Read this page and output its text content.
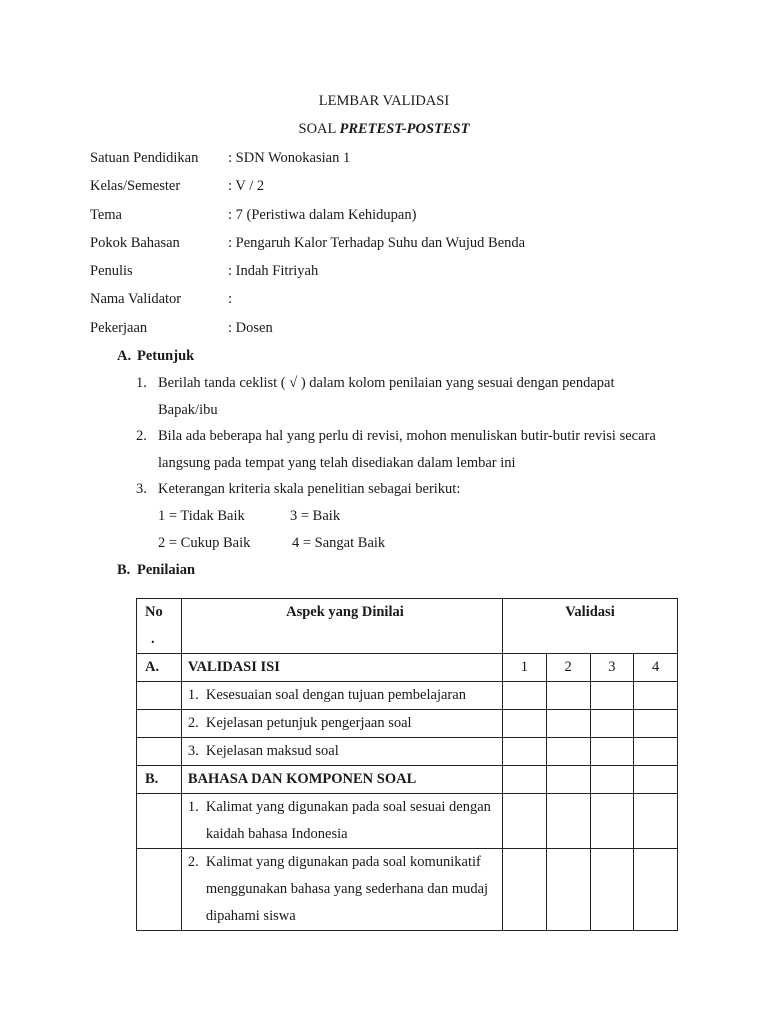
LEMBAR VALIDASI
SOAL PRETEST-POSTEST
Satuan Pendidikan : SDN Wonokasian 1
Kelas/Semester	: V / 2
Tema	: 7 (Peristiwa dalam Kehidupan)
Pokok Bahasan	: Pengaruh Kalor Terhadap Suhu dan Wujud Benda
Penulis	: Indah Fitriyah
Nama Validator	:
Pekerjaan	: Dosen
A. Petunjuk
1. Berilah tanda ceklist ( √ ) dalam kolom penilaian yang sesuai dengan pendapat
Bapak/ibu
2. Bila ada beberapa hal yang perlu di revisi, mohon menuliskan butir-butir revisi secara
langsung pada tempat yang telah disediakan dalam lembar ini
3. Keterangan kriteria skala penelitian sebagai berikut:
1 = Tidak Baik	3 = Baik
2 = Cukup Baik	4 = Sangat Baik
B. Penilaian
No
.	Aspek yang Dinilai	Validasi			
A.	VALIDASI ISI	1	2	3	4
	1. Kesesuaian soal dengan tujuan pembelajaran				
	2. Kejelasan petunjuk pengerjaan soal				
	3. Kejelasan maksud soal				
B.	BAHASA DAN KOMPONEN SOAL				

	1. Kalimat yang digunakan pada soal sesuai dengan
kaidah bahasa Indonesia				

	2. Kalimat yang digunakan pada soal komunikatif
menggunakan bahasa yang sederhana dan mudaj
dipahami siswa				
